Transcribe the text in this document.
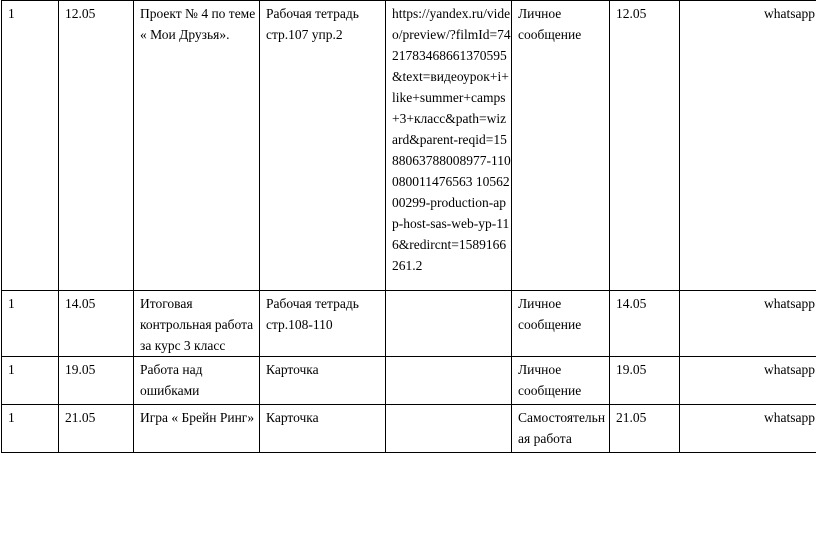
1	12.05	Проект № 4 по теме « Мои Друзья».	Рабочая тетрадь стр.107 упр.2	https://yandex.ru/video/preview/?filmId=7421783468661370595&text=видеоурок+i+like+summer+camps+3+класс&path=wizard&parent-reqid=1588063788008977-110080011476563 1056200299-production-app-host-sas-web-yp-116&redircnt=1589166261.2	Личное сообщение	12.05	whatsapp

1	14.05	Итоговая контрольная работа за курс 3 класс	Рабочая тетрадь стр.108-110		Личное сообщение	14.05	whatsapp

1	19.05	Работа над ошибками	Карточка		Личное сообщение	19.05	whatsapp

1	21.05	Игра « Брейн Ринг»	Карточка		Самостоятельная работа	21.05	whatsapp
